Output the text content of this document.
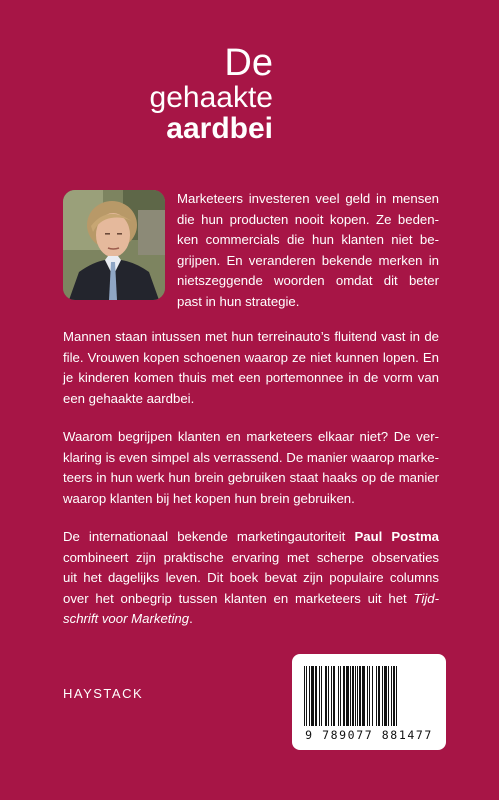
De
gehaakte
aardbei

Marketeers investeren veel geld in mensen
die hun producten nooit kopen. Ze beden-
ken commercials die hun klanten niet be-
grijpen. En veranderen bekende merken in
nietszeggende woorden omdat dit beter
past in hun strategie.

Mannen staan intussen met hun terreinauto’s fluitend vast in de
file. Vrouwen kopen schoenen waarop ze niet kunnen lopen. En
je kinderen komen thuis met een portemonnee in de vorm van
een gehaakte aardbei.

Waarom begrijpen klanten en marketeers elkaar niet? De ver-
klaring is even simpel als verrassend. De manier waarop marke-
teers in hun werk hun brein gebruiken staat haaks op de manier
waarop klanten bij het kopen hun brein gebruiken.

De internationaal bekende marketingautoriteit Paul Postma
combineert zijn praktische ervaring met scherpe observaties
uit het dagelijks leven. Dit boek bevat zijn populaire columns
over het onbegrip tussen klanten en marketeers uit het Tijd-
schrift voor Marketing.

HAYSTACK
9 789077 881477
